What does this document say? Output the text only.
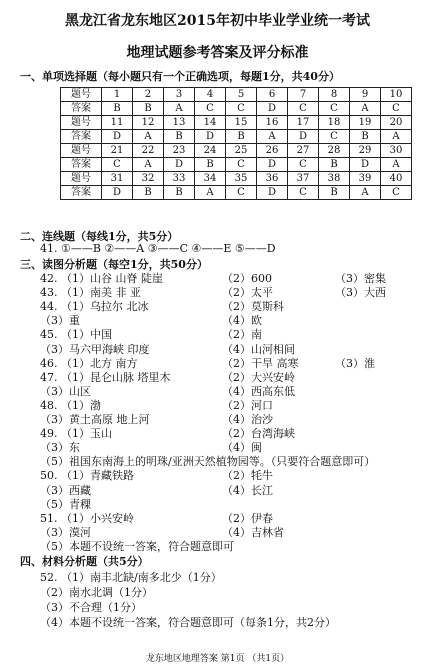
黑龙江省龙东地区2015年初中毕业学业统一考试
地理试题参考答案及评分标准
一、单项选择题（每小题只有一个正确选项，每题1分，共40分）
题号	1	2	3	4	5	6	7	8	9	10
答案	B	B	A	C	C	D	C	C	A	C
题号	11	12	13	14	15	16	17	18	19	20
答案	D	A	B	D	B	A	D	C	B	A
题号	21	22	23	24	25	26	27	28	29	30
答案	C	A	D	B	C	D	C	B	D	A
题号	31	32	33	34	35	36	37	38	39	40
答案	D	B	B	A	C	D	C	B	A	C
二、连线题（每线1分，共5分）
41. ①——B ②——A ③——C ④——E ⑤——D
三、读图分析题（每空1分，共50分）
42. （1）山谷 山脊 陡崖	（2）600	（3）密集
43. （1）南美 非 亚	（2）太平	（3）大西
44. （1）乌拉尔 北冰	（2）莫斯科
（3）重	（4）欧
45. （1）中国	（2）南
（3）马六甲海峡 印度	（4）山河相间
46. （1）北方 南方	（2）干旱 高寒	（3）淮
47. （1）昆仑山脉 塔里木	（2）大兴安岭
（3）山区	（4）西高东低
48. （1）渤	（2）河口
（3）黄土高原 地上河	（4）治沙
49. （1）玉山	（2）台湾海峡
（3）东	（4）闽
（5）祖国东南海上的明珠/亚洲天然植物园等。（只要符合题意即可）
50. （1）青藏铁路	（2）牦牛
（3）西藏	（4）长江
（5）青稞
51. （1）小兴安岭	（2）伊春
（3）漠河	（4）吉林省
（5）本题不设统一答案，符合题意即可
四、材料分析题（共5分）
52. （1）南丰北缺/南多北少（1分）
（2）南水北调（1分）
（3）不合理（1分）
（4）本题不设统一答案，符合题意即可（每条1分，共2分）
龙东地区地理答案 第1页 （共1页）
